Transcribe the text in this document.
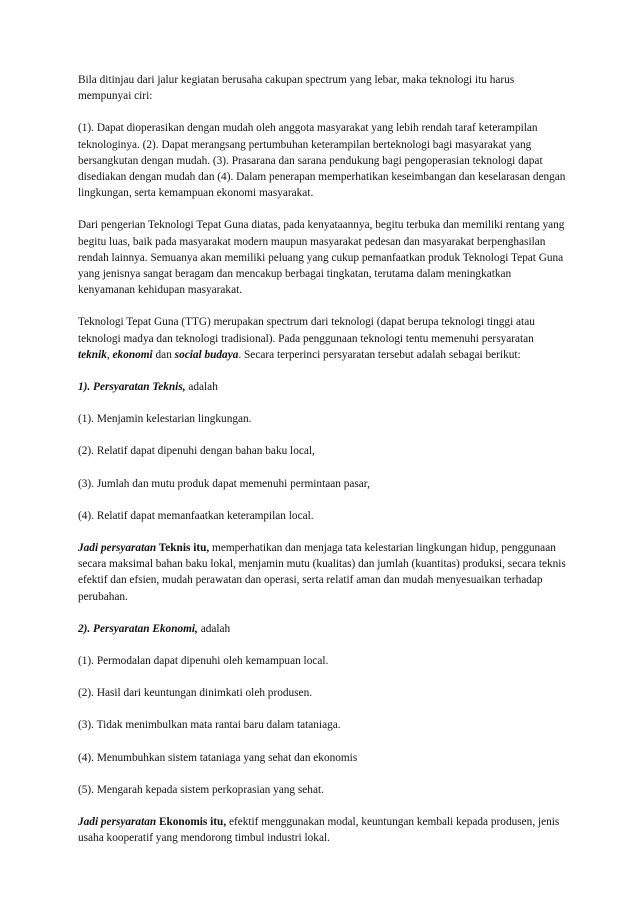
Bila ditinjau dari jalur kegiatan berusaha cakupan spectrum yang lebar, maka teknologi itu harus mempunyai ciri:

(1). Dapat dioperasikan dengan mudah oleh anggota masyarakat yang lebih rendah taraf keterampilan teknologinya. (2). Dapat merangsang pertumbuhan keterampilan berteknologi bagi masyarakat yang bersangkutan dengan mudah. (3). Prasarana dan sarana pendukung bagi pengoperasian teknologi dapat disediakan dengan mudah dan (4). Dalam penerapan memperhatikan keseimbangan dan keselarasan dengan lingkungan, serta kemampuan ekonomi masyarakat.

Dari pengerian Teknologi Tepat Guna diatas, pada kenyataannya, begitu terbuka dan memiliki rentang yang begitu luas, baik pada masyarakat modern maupun masyarakat pedesan dan masyarakat berpenghasilan rendah lainnya. Semuanya akan memiliki peluang yang cukup pemanfaatkan produk Teknologi Tepat Guna yang jenisnya sangat beragam dan mencakup berbagai tingkatan, terutama dalam meningkatkan kenyamanan kehidupan masyarakat.

Teknologi Tepat Guna (TTG) merupakan spectrum dari teknologi (dapat berupa teknologi tinggi atau teknologi madya dan teknologi tradisional). Pada penggunaan teknologi tentu memenuhi persyaratan teknik, ekonomi dan social budaya. Secara terperinci persyaratan tersebut adalah sebagai berikut:

1). Persyaratan Teknis, adalah

(1). Menjamin kelestarian lingkungan.
(2). Relatif dapat dipenuhi dengan bahan baku local,
(3). Jumlah dan mutu produk dapat memenuhi permintaan pasar,
(4). Relatif dapat memanfaatkan keterampilan local.

Jadi persyaratan Teknis itu, memperhatikan dan menjaga tata kelestarian lingkungan hidup, penggunaan secara maksimal bahan baku lokal, menjamin mutu (kualitas) dan jumlah (kuantitas) produksi, secara teknis efektif dan efsien, mudah perawatan dan operasi, serta relatif aman dan mudah menyesuaikan terhadap perubahan.

2). Persyaratan Ekonomi, adalah

(1). Permodalan dapat dipenuhi oleh kemampuan local.
(2). Hasil dari keuntungan dinimkati oleh produsen.
(3). Tidak menimbulkan mata rantai baru dalam tataniaga.
(4). Menumbuhkan sistem tataniaga yang sehat dan ekonomis
(5). Mengarah kepada sistem perkoprasian yang sehat.

Jadi persyaratan Ekonomis itu, efektif menggunakan modal, keuntungan kembali kepada produsen, jenis usaha kooperatif yang mendorong timbul industri lokal.
